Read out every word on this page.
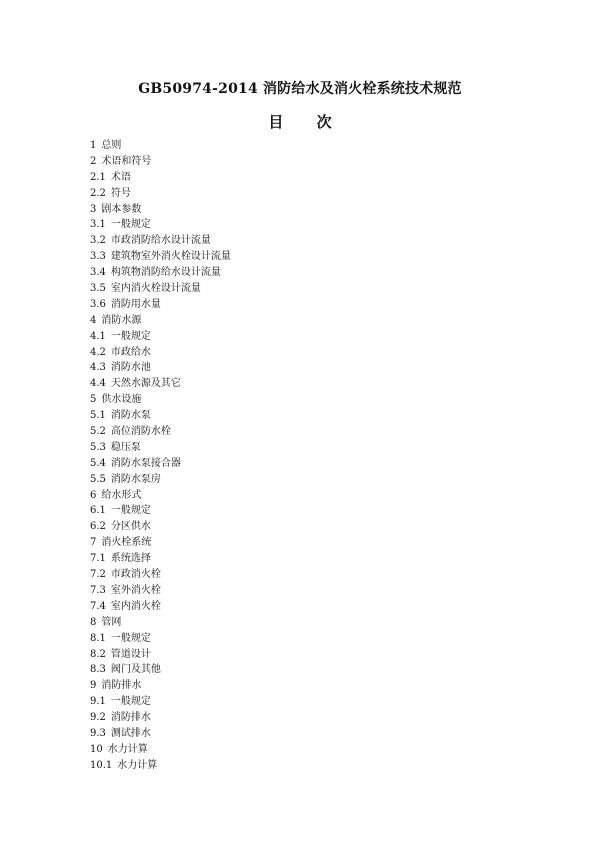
GB50974-2014 消防给水及消火栓系统技术规范
目 次
1 总则
2 术语和符号
2.1 术语
2.2 符号
3 剧本参数
3.1 一般规定
3.2 市政消防给水设计流量
3.3 建筑物室外消火栓设计流量
3.4 构筑物消防给水设计流量
3.5 室内消火栓设计流量
3.6 消防用水量
4 消防水源
4.1 一般规定
4.2 市政给水
4.3 消防水池
4.4 天然水源及其它
5 供水设施
5.1 消防水泵
5.2 高位消防水栓
5.3 稳压泵
5.4 消防水泵接合器
5.5 消防水泵房
6 给水形式
6.1 一般规定
6.2 分区供水
7 消火栓系统
7.1 系统选择
7.2 市政消火栓
7.3 室外消火栓
7.4 室内消火栓
8 管网
8.1 一般规定
8.2 管道设计
8.3 阀门及其他
9 消防排水
9.1 一般规定
9.2 消防排水
9.3 测试排水
10 水力计算
10.1 水力计算
